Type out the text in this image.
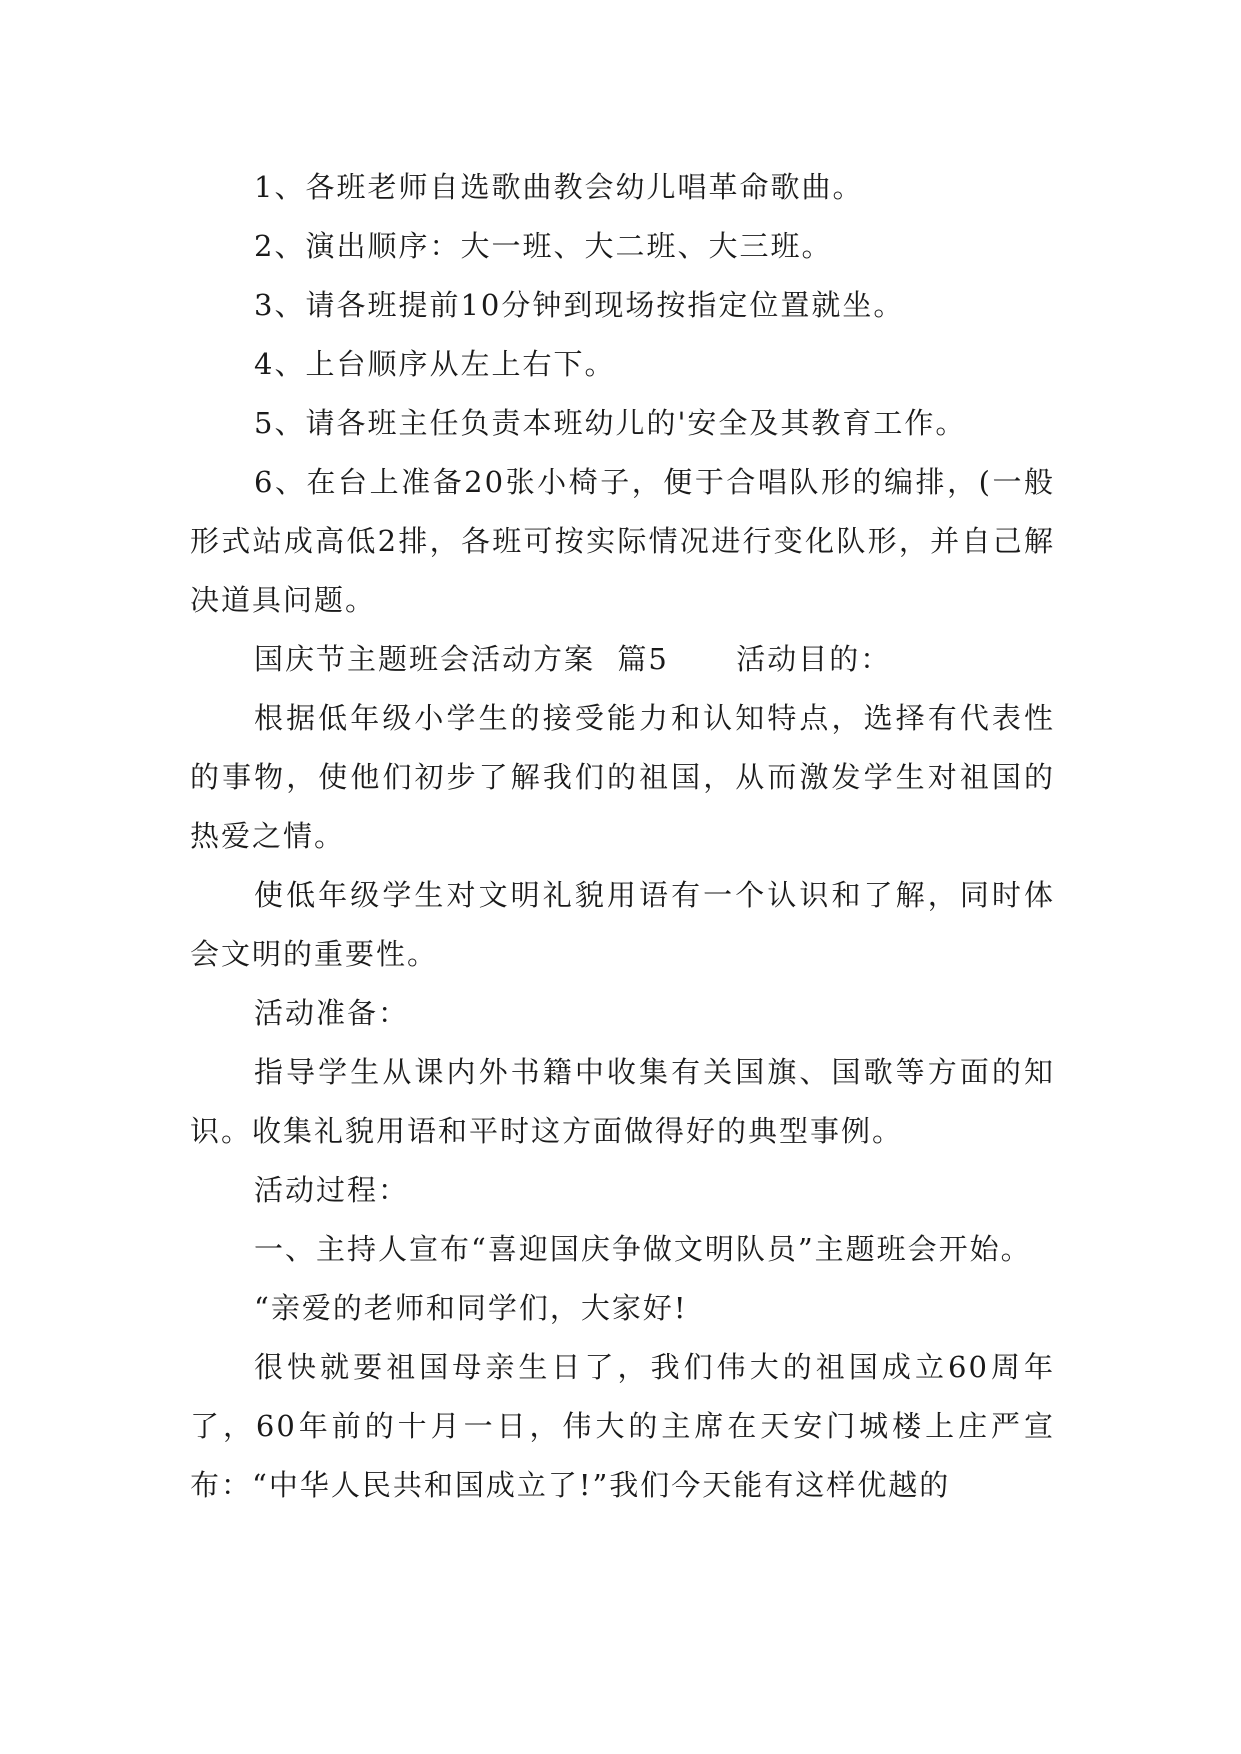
1、各班老师自选歌曲教会幼儿唱革命歌曲。

2、演出顺序：大一班、大二班、大三班。

3、请各班提前10分钟到现场按指定位置就坐。

4、上台顺序从左上右下。

5、请各班主任负责本班幼儿的'安全及其教育工作。

6、在台上准备20张小椅子，便于合唱队形的编排，(一般形式站成高低2排，各班可按实际情况进行变化队形，并自己解决道具问题。

国庆节主题班会活动方案  篇5      活动目的：

根据低年级小学生的接受能力和认知特点，选择有代表性的事物，使他们初步了解我们的祖国，从而激发学生对祖国的热爱之情。

使低年级学生对文明礼貌用语有一个认识和了解，同时体会文明的重要性。

活动准备：

指导学生从课内外书籍中收集有关国旗、国歌等方面的知识。收集礼貌用语和平时这方面做得好的典型事例。

活动过程：

一、主持人宣布“喜迎国庆争做文明队员”主题班会开始。

“亲爱的老师和同学们，大家好!

很快就要祖国母亲生日了，我们伟大的祖国成立60周年了，60年前的十月一日，伟大的主席在天安门城楼上庄严宣布：“中华人民共和国成立了!”我们今天能有这样优越的
